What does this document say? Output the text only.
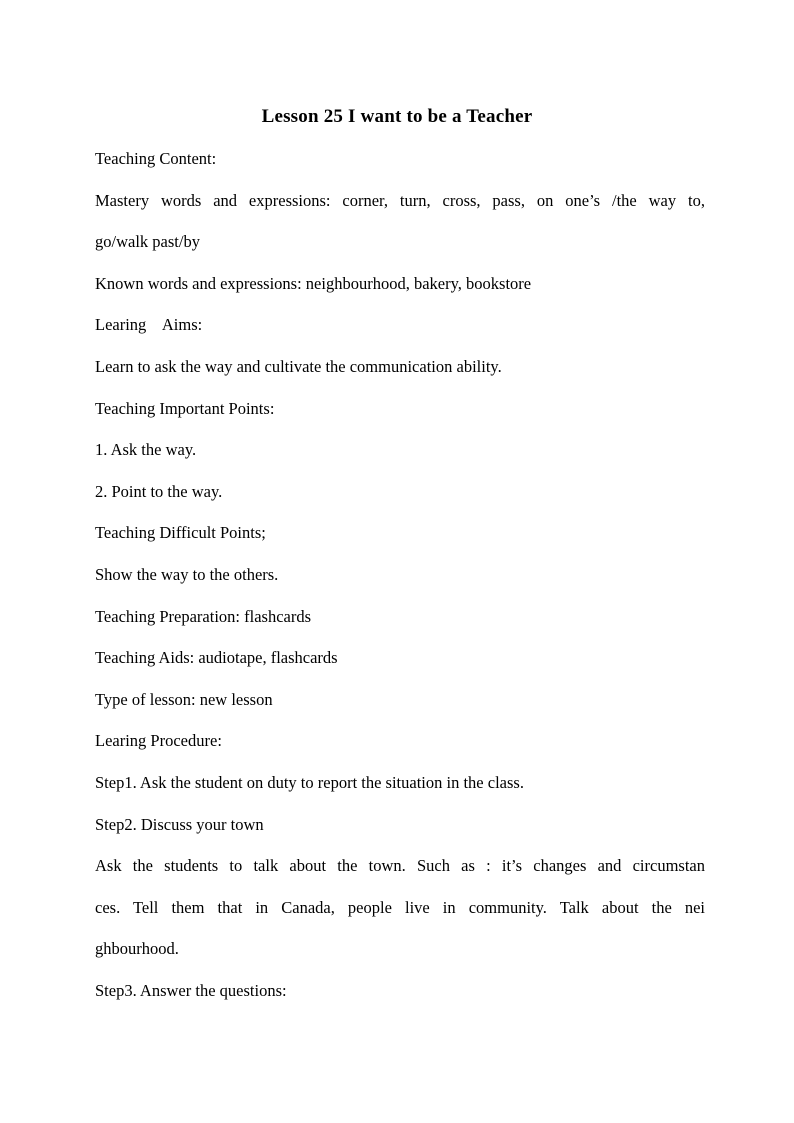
Lesson 25 I want to be a Teacher
Teaching Content:
Mastery words and expressions: corner, turn, cross, pass, on one’s /the way to,
go/walk past/by
Known words and expressions: neighbourhood, bakery, bookstore
Learing    Aims:
Learn to ask the way and cultivate the communication ability.
Teaching Important Points:
1. Ask the way.
2. Point to the way.
Teaching Difficult Points;
Show the way to the others.
Teaching Preparation: flashcards
Teaching Aids: audiotape, flashcards
Type of lesson: new lesson
Learing Procedure:
Step1. Ask the student on duty to report the situation in the class.
Step2. Discuss your town
Ask the students to talk about the town. Such as : it’s changes and circumstan
ces. Tell them that in Canada, people live in community. Talk about the nei
ghbourhood.
Step3. Answer the questions:
